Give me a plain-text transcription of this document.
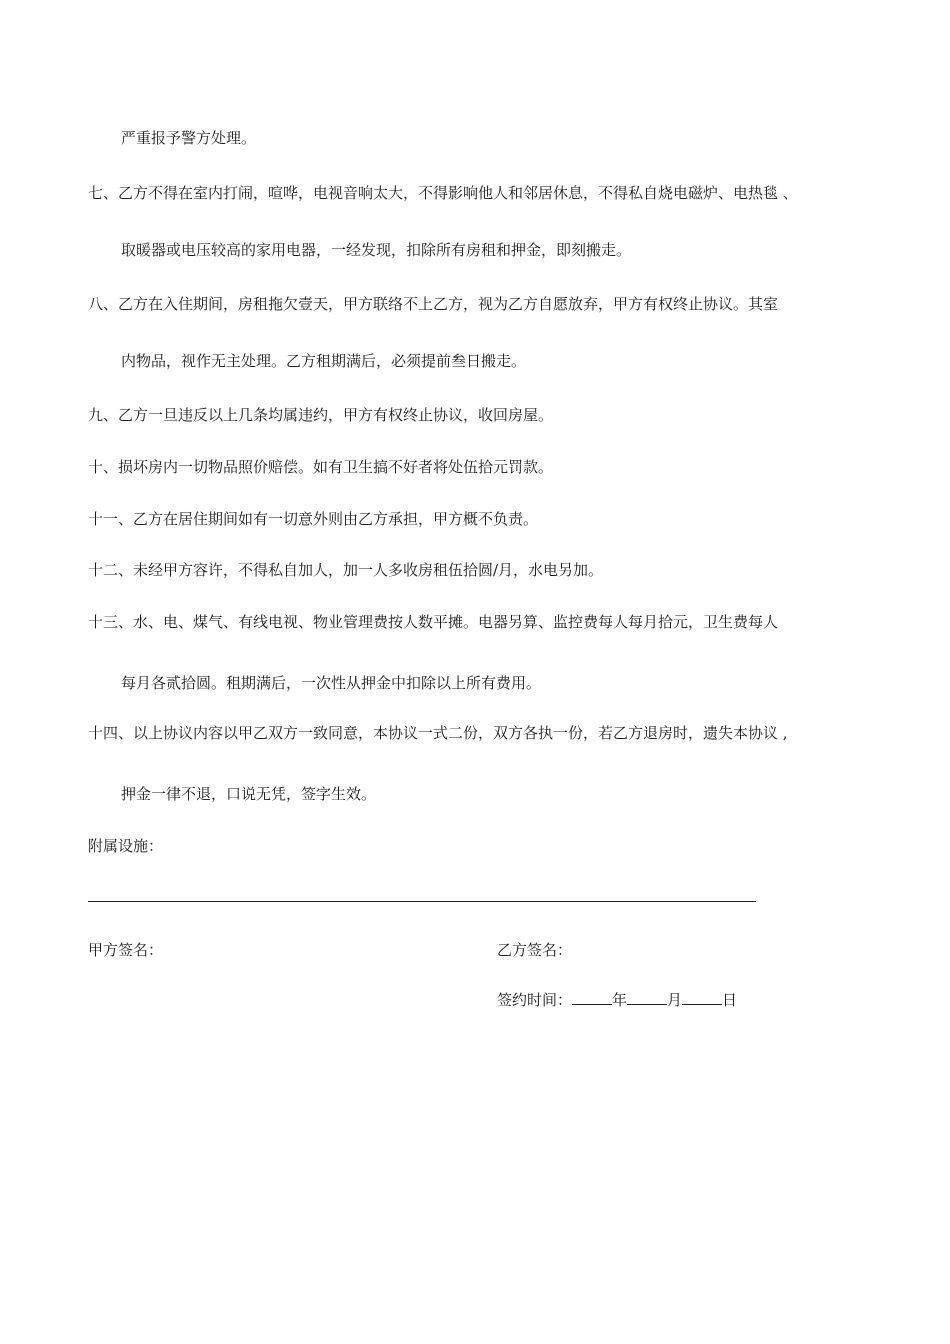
严重报予警方处理。
七、乙方不得在室内打闹，喧哗，电视音响太大，不得影响他人和邻居休息，不得私自烧电磁炉、电热毯 、
取暖器或电压较高的家用电器，一经发现，扣除所有房租和押金，即刻搬走。
八、乙方在入住期间，房租拖欠壹天，甲方联络不上乙方，视为乙方自愿放弃，甲方有权终止协议。其室
内物品，视作无主处理。乙方租期满后，必须提前叁日搬走。
九、乙方一旦违反以上几条均属违约，甲方有权终止协议，收回房屋。
十、损坏房内一切物品照价赔偿。如有卫生搞不好者将处伍拾元罚款。
十一、乙方在居住期间如有一切意外则由乙方承担，甲方概不负责。
十二、未经甲方容许，不得私自加人，加一人多收房租伍拾圆/月，水电另加。
十三、水、电、煤气、有线电视、物业管理费按人数平摊。电器另算、监控费每人每月拾元，卫生费每人
每月各贰拾圆。租期满后，一次性从押金中扣除以上所有费用。
十四、以上协议内容以甲乙双方一致同意，本协议一式二份，双方各执一份，若乙方退房时，遗失本协议 ,
押金一律不退，口说无凭，签字生效。
附属设施：
甲方签名：	乙方签名：
签约时间：	年	月	日
